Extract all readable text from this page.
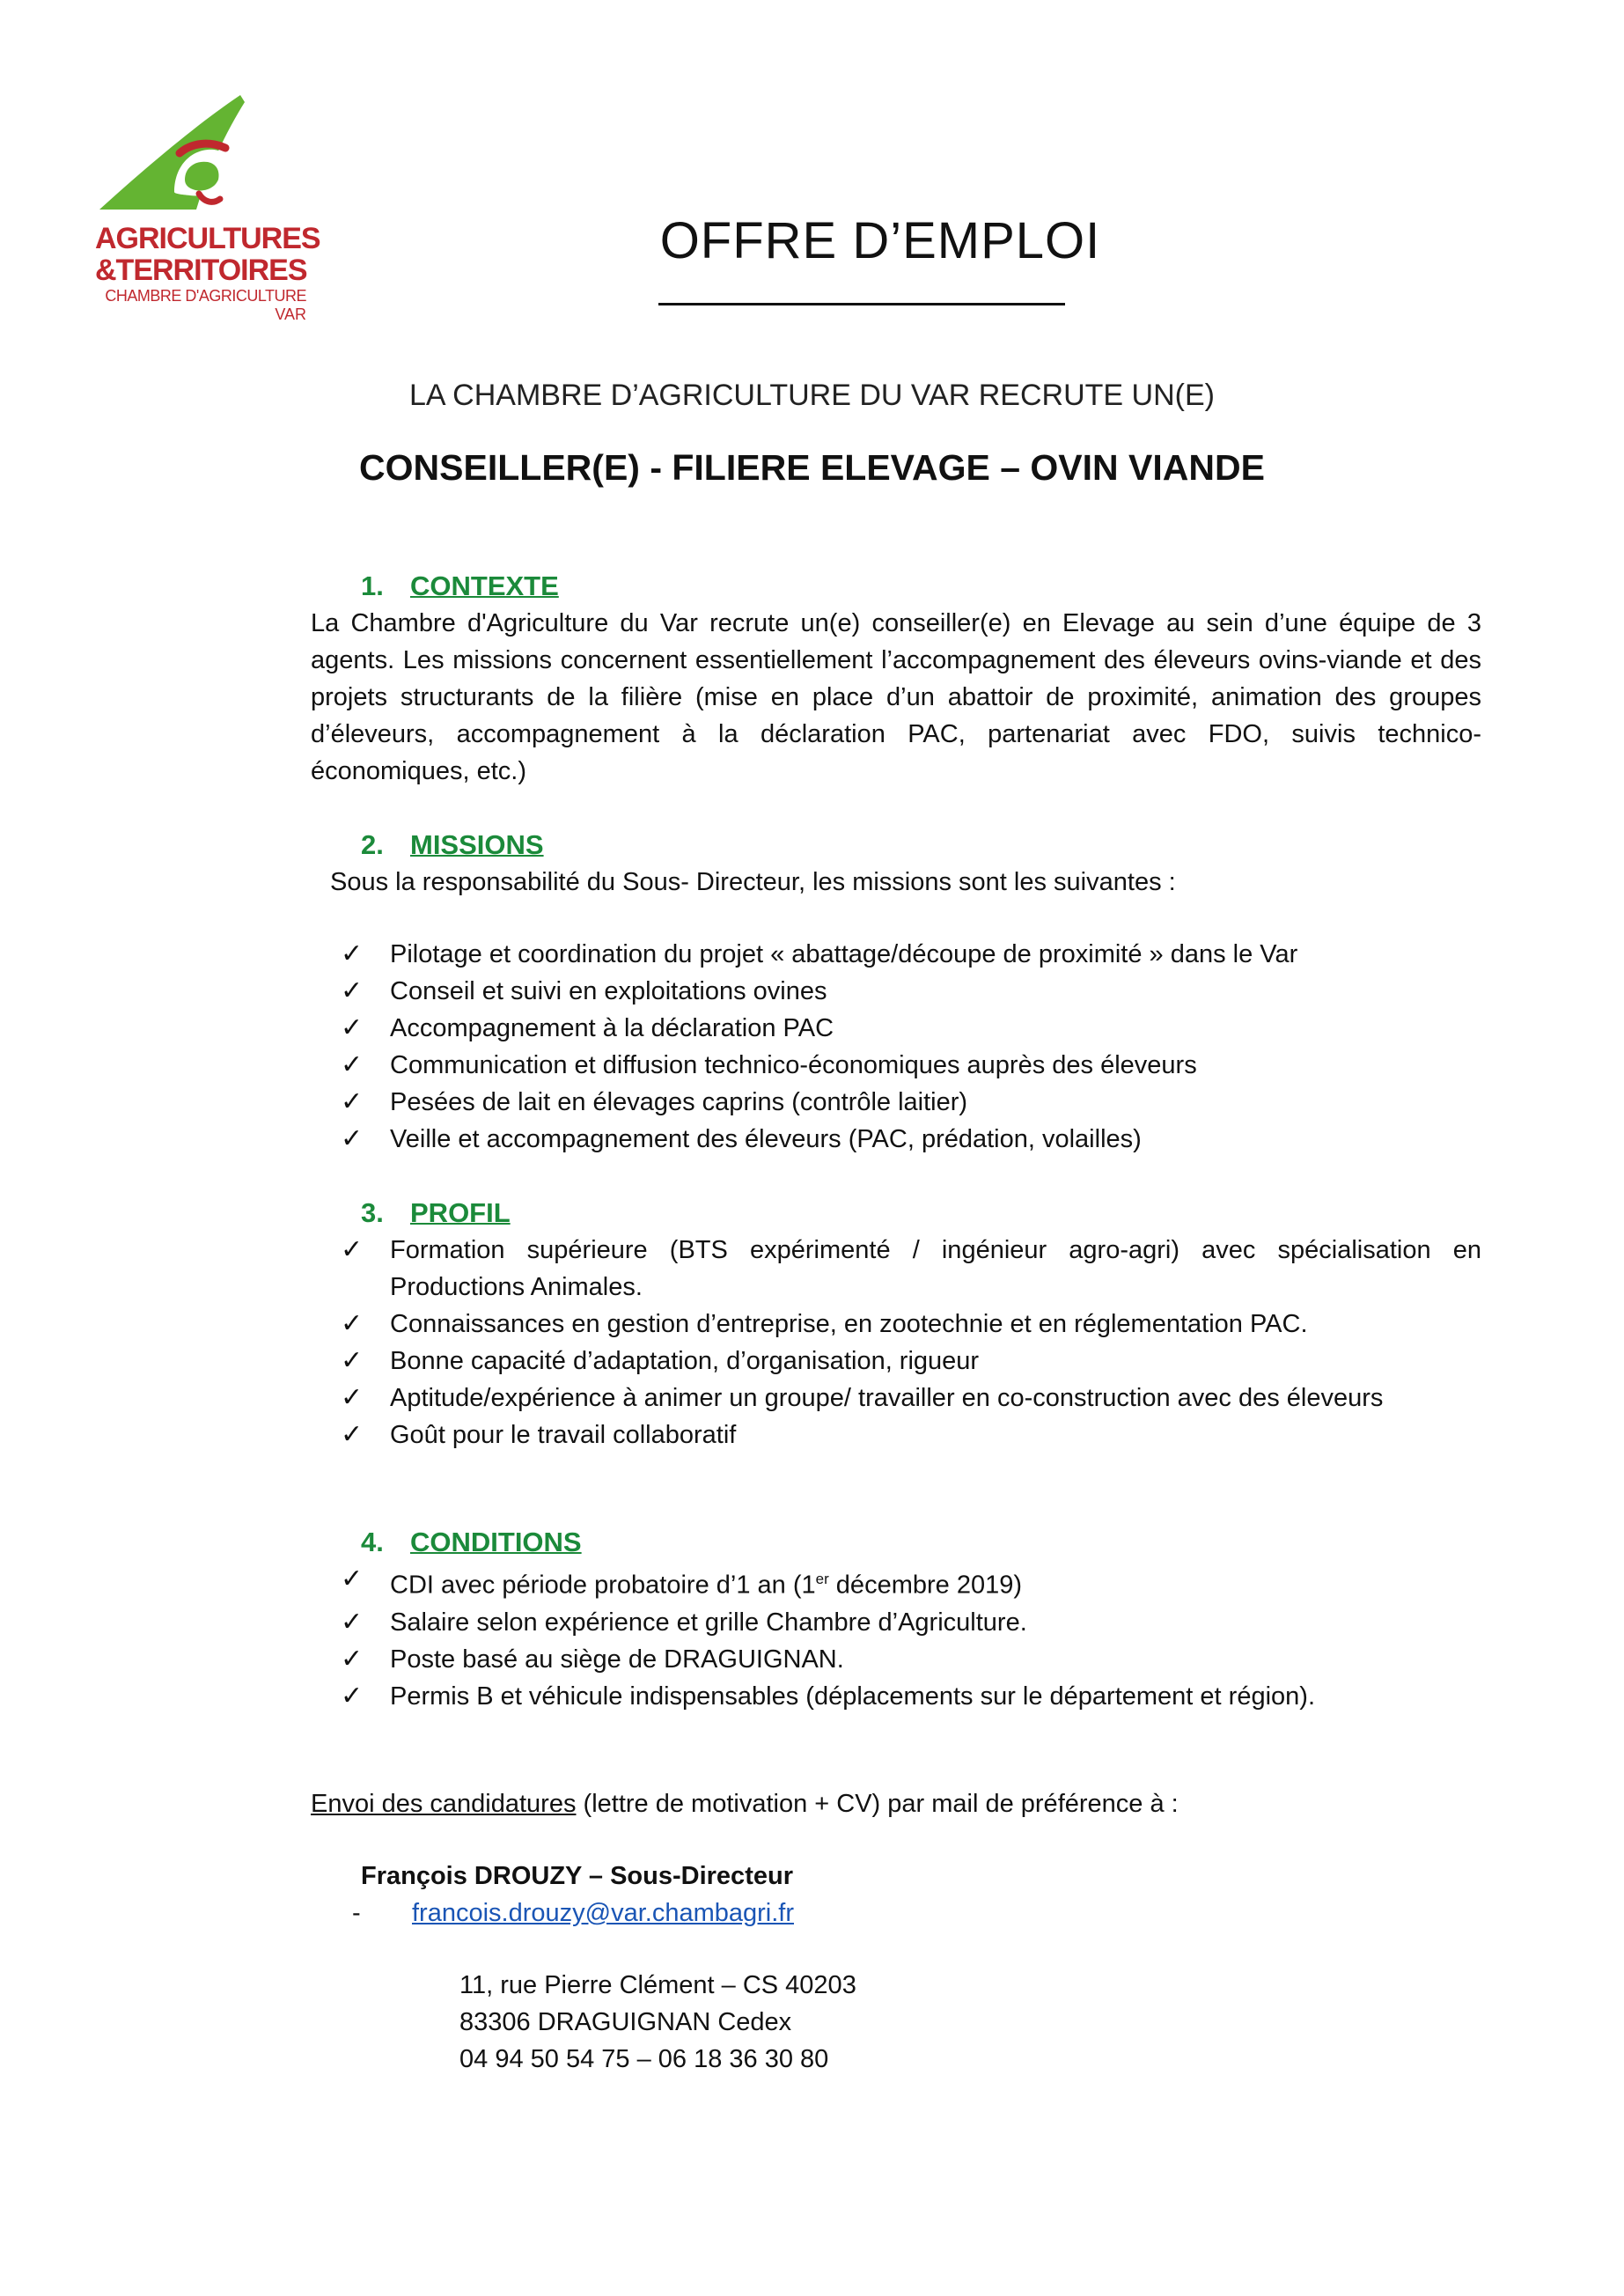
AGRICULTURES
&TERRITOIRES
CHAMBRE D'AGRICULTURE
VAR
OFFRE D’EMPLOI
LA CHAMBRE D’AGRICULTURE DU VAR RECRUTE UN(E)
CONSEILLER(E) - FILIERE ELEVAGE – OVIN VIANDE
1. CONTEXTE
La Chambre d'Agriculture du Var recrute un(e) conseiller(e) en Elevage au sein d’une équipe de 3 agents. Les missions concernent essentiellement l’accompagnement des éleveurs ovins-viande et des projets structurants de la filière (mise en place d’un abattoir de proximité, animation des groupes d’éleveurs, accompagnement à la déclaration PAC, partenariat avec FDO, suivis technico-économiques, etc.)
2. MISSIONS
Sous la responsabilité du Sous- Directeur, les missions sont les suivantes :
✓ Pilotage et coordination du projet « abattage/découpe de proximité » dans le Var
✓ Conseil et suivi en exploitations ovines
✓ Accompagnement à la déclaration PAC
✓ Communication et diffusion technico-économiques auprès des éleveurs
✓ Pesées de lait en élevages caprins (contrôle laitier)
✓ Veille et accompagnement des éleveurs (PAC, prédation, volailles)
3. PROFIL
✓ Formation supérieure (BTS expérimenté / ingénieur agro-agri) avec spécialisation en Productions Animales.
✓ Connaissances en gestion d’entreprise, en zootechnie et en réglementation PAC.
✓ Bonne capacité d’adaptation, d’organisation, rigueur
✓ Aptitude/expérience à animer un groupe/ travailler en co-construction avec des éleveurs
✓ Goût pour le travail collaboratif
4. CONDITIONS
✓ CDI avec période probatoire d’1 an (1er décembre 2019)
✓ Salaire selon expérience et grille Chambre d’Agriculture.
✓ Poste basé au siège de DRAGUIGNAN.
✓ Permis B et véhicule indispensables (déplacements sur le département et région).
Envoi des candidatures (lettre de motivation + CV) par mail de préférence à :
François DROUZY – Sous-Directeur
- francois.drouzy@var.chambagri.fr
11, rue Pierre Clément – CS 40203
83306 DRAGUIGNAN Cedex
04 94 50 54 75 – 06 18 36 30 80
